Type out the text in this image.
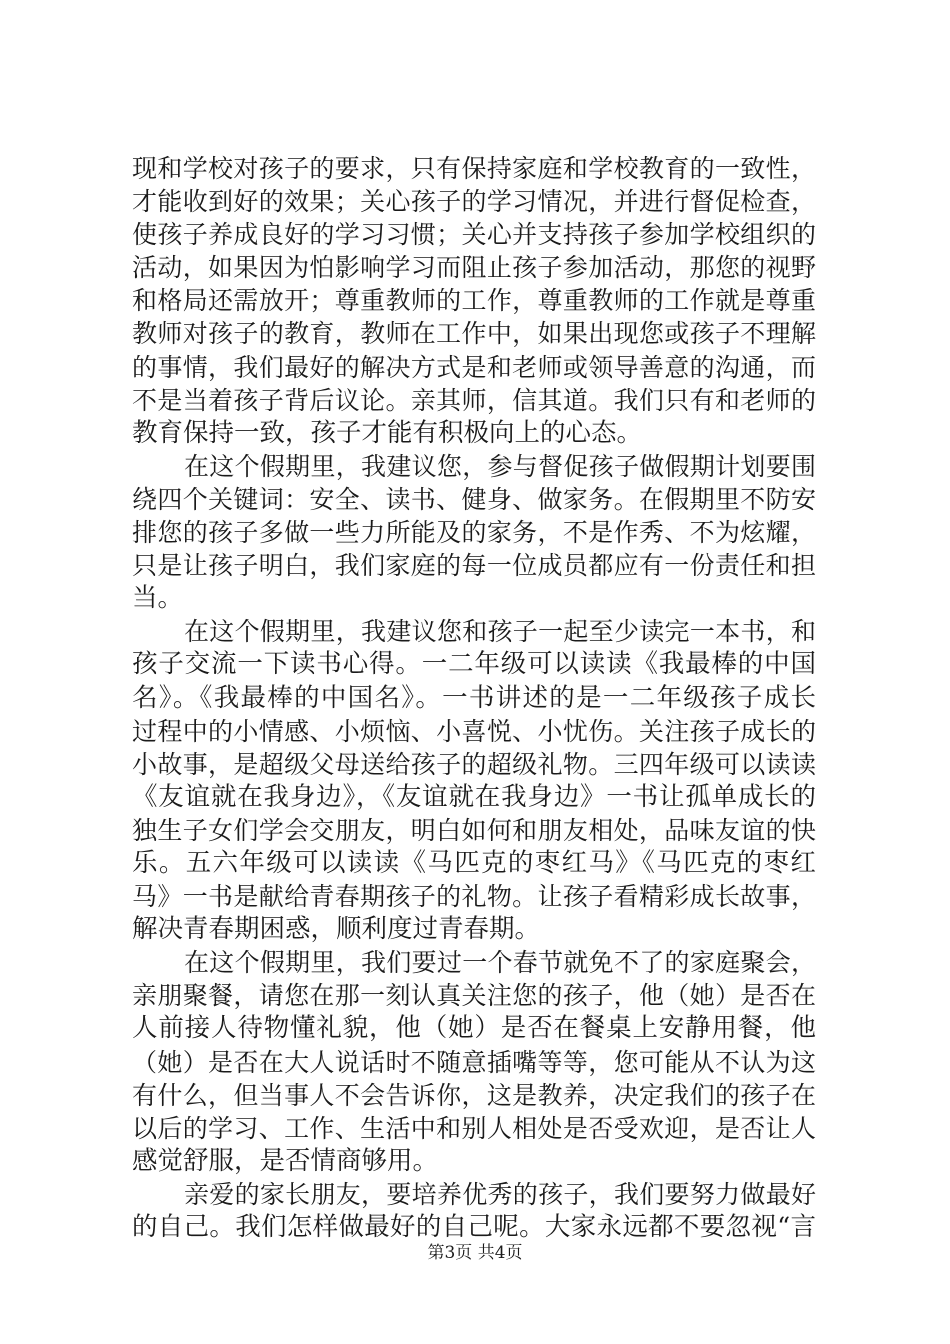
现和学校对孩子的要求，只有保持家庭和学校教育的一致性，
才能收到好的效果；关心孩子的学习情况，并进行督促检查，
使孩子养成良好的学习习惯；关心并支持孩子参加学校组织的
活动，如果因为怕影响学习而阻止孩子参加活动，那您的视野
和格局还需放开；尊重教师的工作，尊重教师的工作就是尊重
教师对孩子的教育，教师在工作中，如果出现您或孩子不理解
的事情，我们最好的解决方式是和老师或领导善意的沟通，而
不是当着孩子背后议论。亲其师，信其道。我们只有和老师的
教育保持一致，孩子才能有积极向上的心态。
在这个假期里，我建议您，参与督促孩子做假期计划要围
绕四个关键词：安全、读书、健身、做家务。在假期里不防安
排您的孩子多做一些力所能及的家务，不是作秀、不为炫耀，
只是让孩子明白，我们家庭的每一位成员都应有一份责任和担
当。
在这个假期里，我建议您和孩子一起至少读完一本书，和
孩子交流一下读书心得。一二年级可以读读《我最棒的中国
名》。《我最棒的中国名》。一书讲述的是一二年级孩子成长
过程中的小情感、小烦恼、小喜悦、小忧伤。关注孩子成长的
小故事，是超级父母送给孩子的超级礼物。三四年级可以读读
《友谊就在我身边》，《友谊就在我身边》一书让孤单成长的
独生子女们学会交朋友，明白如何和朋友相处，品味友谊的快
乐。五六年级可以读读《马匹克的枣红马》《马匹克的枣红
马》一书是献给青春期孩子的礼物。让孩子看精彩成长故事，
解决青春期困惑，顺利度过青春期。
在这个假期里，我们要过一个春节就免不了的家庭聚会，
亲朋聚餐，请您在那一刻认真关注您的孩子，他（她）是否在
人前接人待物懂礼貌，他（她）是否在餐桌上安静用餐，他
（她）是否在大人说话时不随意插嘴等等，您可能从不认为这
有什么，但当事人不会告诉你，这是教养，决定我们的孩子在
以后的学习、工作、生活中和别人相处是否受欢迎，是否让人
感觉舒服，是否情商够用。
亲爱的家长朋友，要培养优秀的孩子，我们要努力做最好
的自己。我们怎样做最好的自己呢。大家永远都不要忽视“言
第3页 共4页
